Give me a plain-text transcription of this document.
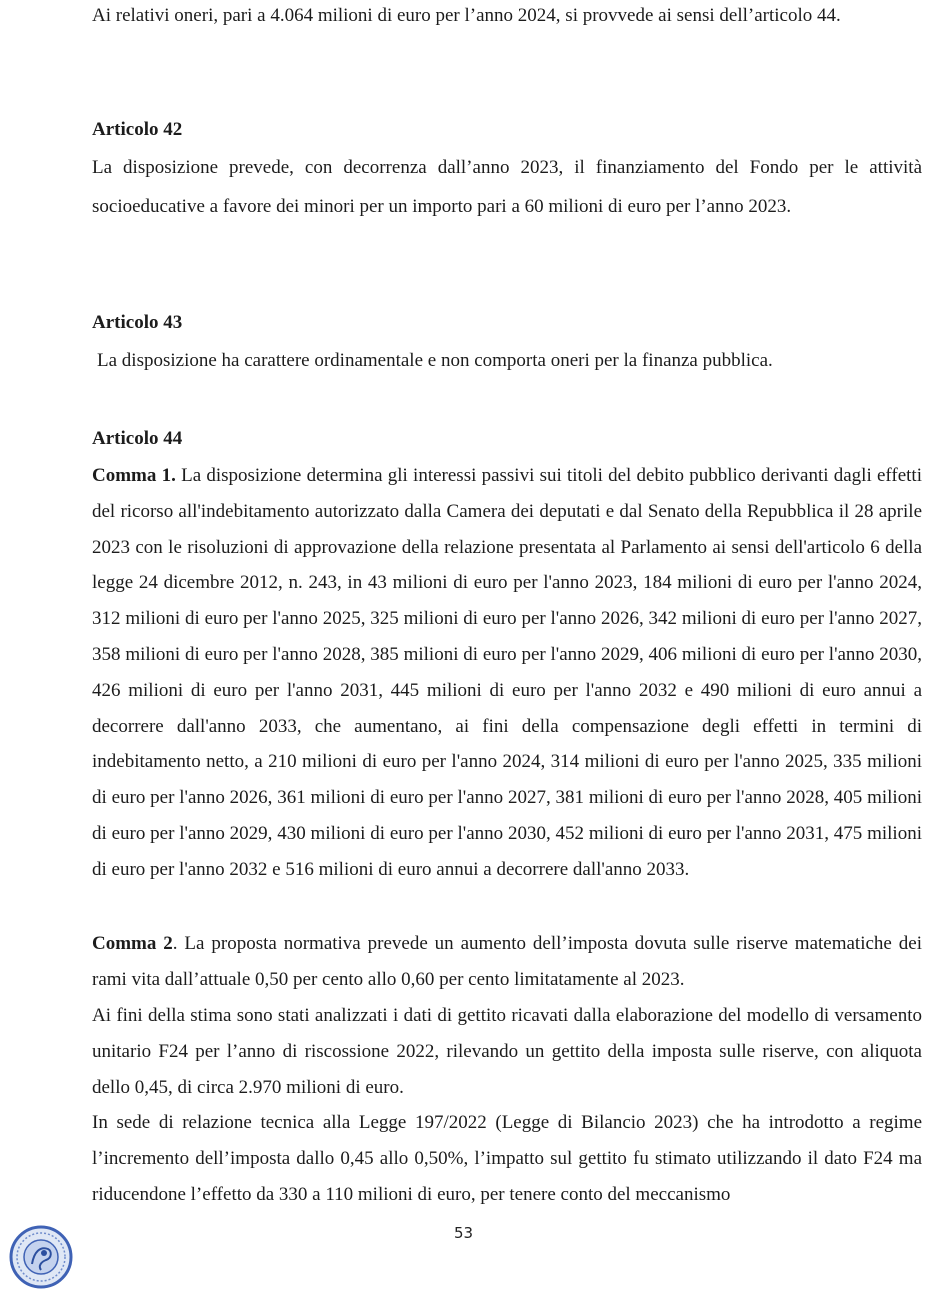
Ai relativi oneri, pari a 4.064 milioni di euro per l’anno 2024, si provvede ai sensi dell’articolo 44.

Articolo 42

La disposizione prevede, con decorrenza dall’anno 2023, il finanziamento del Fondo per le attività socioeducative a favore dei minori per un importo pari a 60 milioni di euro per l’anno 2023.

Articolo 43

La disposizione ha carattere ordinamentale e non comporta oneri per la finanza pubblica.

Articolo 44

Comma 1. La disposizione determina gli interessi passivi sui titoli del debito pubblico derivanti dagli effetti del ricorso all'indebitamento autorizzato dalla Camera dei deputati e dal Senato della Repubblica il 28 aprile 2023 con le risoluzioni di approvazione della relazione presentata al Parlamento ai sensi dell'articolo 6 della legge 24 dicembre 2012, n. 243, in 43 milioni di euro per l'anno 2023, 184 milioni di euro per l'anno 2024, 312 milioni di euro per l'anno 2025, 325 milioni di euro per l'anno 2026, 342 milioni di euro per l'anno 2027, 358 milioni di euro per l'anno 2028, 385 milioni di euro per l'anno 2029, 406 milioni di euro per l'anno 2030, 426 milioni di euro per l'anno 2031, 445 milioni di euro per l'anno 2032 e 490 milioni di euro annui a decorrere dall'anno 2033, che aumentano, ai fini della compensazione degli effetti in termini di indebitamento netto, a 210 milioni di euro per l'anno 2024, 314 milioni di euro per l'anno 2025, 335 milioni di euro per l'anno 2026, 361 milioni di euro per l'anno 2027, 381 milioni di euro per l'anno 2028, 405 milioni di euro per l'anno 2029, 430 milioni di euro per l'anno 2030, 452 milioni di euro per l'anno 2031, 475 milioni di euro per l'anno 2032 e 516 milioni di euro annui a decorrere dall'anno 2033.

Comma 2. La proposta normativa prevede un aumento dell’imposta dovuta sulle riserve matematiche dei rami vita dall’attuale 0,50 per cento allo 0,60 per cento limitatamente al 2023.

Ai fini della stima sono stati analizzati i dati di gettito ricavati dalla elaborazione del modello di versamento unitario F24 per l’anno di riscossione 2022, rilevando un gettito della imposta sulle riserve, con aliquota dello 0,45, di circa 2.970 milioni di euro.

In sede di relazione tecnica alla Legge 197/2022 (Legge di Bilancio 2023) che ha introdotto a regime l’incremento dell’imposta dallo 0,45 allo 0,50%, l’impatto sul gettito fu stimato utilizzando il dato F24 ma riducendone l’effetto da 330 a 110 milioni di euro, per tenere conto del meccanismo

53
